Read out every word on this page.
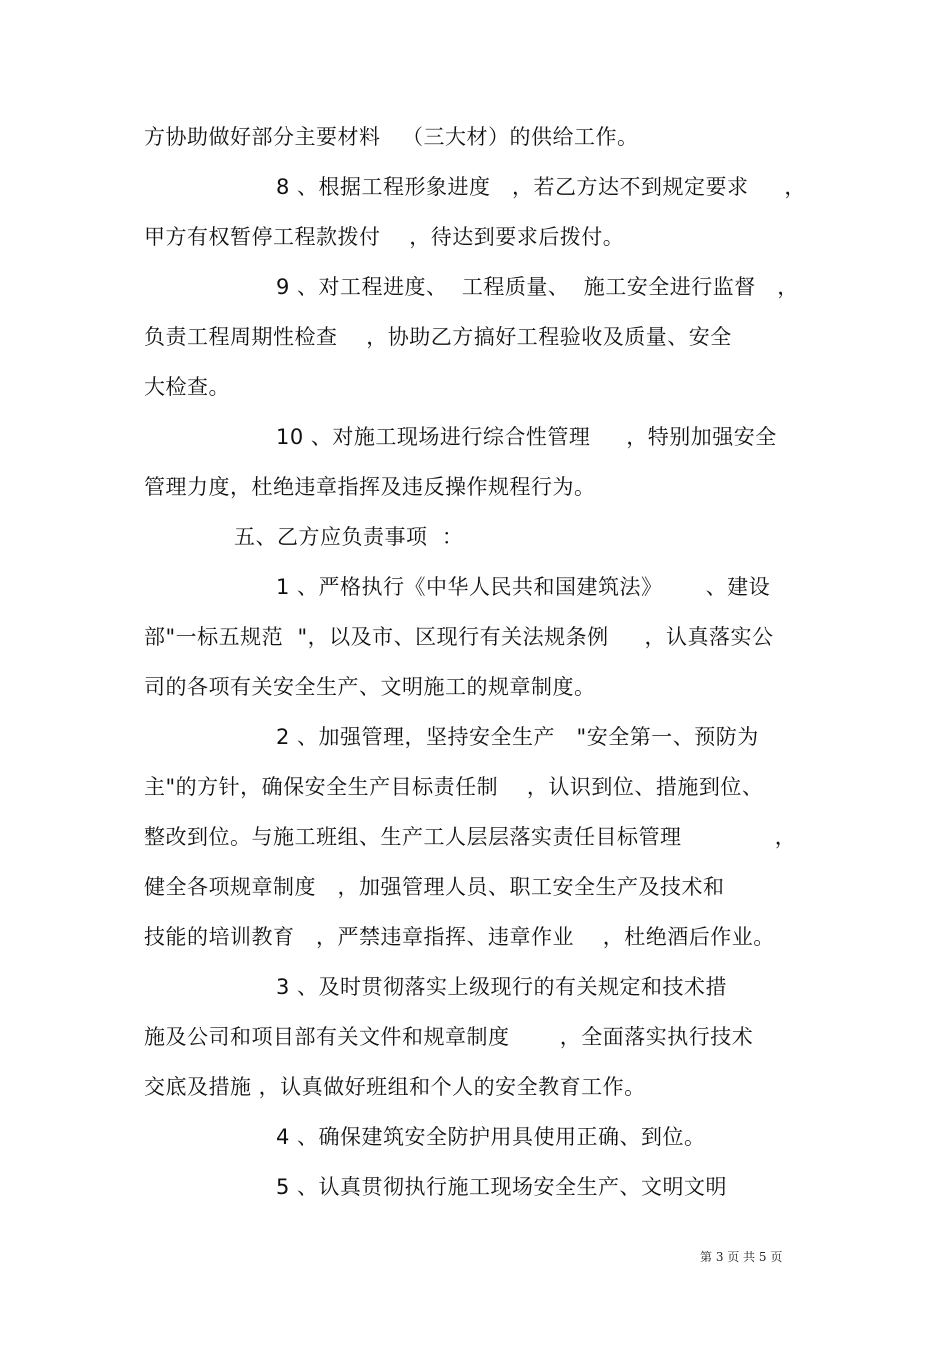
方协助做好部分主要材料   （三大材）的供给工作。
8 、根据工程形象进度   ，若乙方达不到规定要求     ，
甲方有权暂停工程款拨付    ，待达到要求后拨付。
9 、对工程进度、  工程质量、  施工安全进行监督   ，
负责工程周期性检查    ，协助乙方搞好工程验收及质量、安全
大检查。
10 、对施工现场进行综合性管理     ，特别加强安全
管理力度，杜绝违章指挥及违反操作规程行为。
五、乙方应负责事项  ：
1 、严格执行《中华人民共和国建筑法》      、建设
部"一标五规范  "，以及市、区现行有关法规条例     ，认真落实公
司的各项有关安全生产、文明施工的规章制度。
2 、加强管理，坚持安全生产   "安全第一、预防为
主"的方针，确保安全生产目标责任制    ，认识到位、措施到位、
整改到位。与施工班组、生产工人层层落实责任目标管理             ，
健全各项规章制度   ，加强管理人员、职工安全生产及技术和
技能的培训教育   ，严禁违章指挥、违章作业    ，杜绝酒后作业。
3 、及时贯彻落实上级现行的有关规定和技术措
施及公司和项目部有关文件和规章制度       ，全面落实执行技术
交底及措施 ，认真做好班组和个人的安全教育工作。
4 、确保建筑安全防护用具使用正确、到位。
5 、认真贯彻执行施工现场安全生产、文明文明
第 3 页 共 5 页
